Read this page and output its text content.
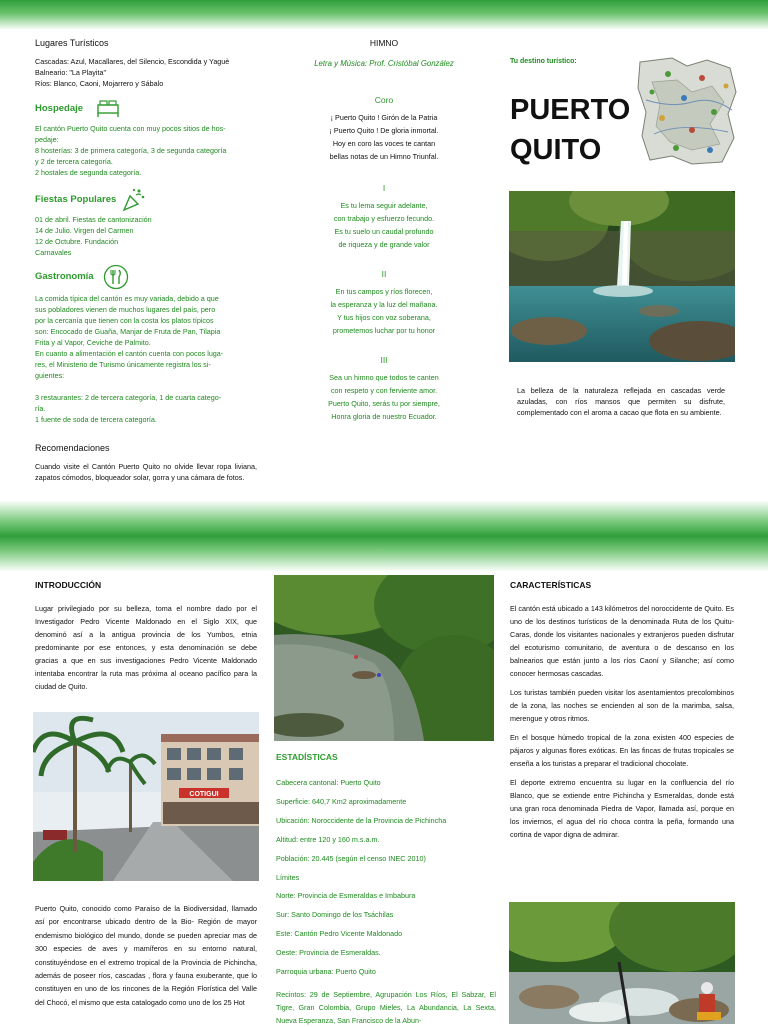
Lugares Turísticos
Cascadas: Azul, Macallares, del Silencio, Escondida y Yaguè
Balneario: "La Playita"
Ríos: Blanco, Caoni, Mojarrero y Sábalo
Hospedaje
El cantón Puerto Quito cuenta con muy pocos sitios de hos-
pedaje:
8 hosterías: 3 de primera categoría, 3 de segunda categoría
y 2 de tercera categoría.
2 hostales de segunda categoría.
Fiestas Populares
01 de abril. Fiestas de cantonización
14 de Julio. Virgen del Carmen
12 de Octubre. Fundación
Carnavales
Gastronomía
La comida típica del cantón es muy variada, debido a que
sus pobladores vienen de muchos lugares del país, pero
por la cercanía que tienen con la costa los platos típicos
son: Encocado de Guaña, Manjar de Fruta de Pan, Tilapia
Frita y al Vapor, Ceviche de Palmito.
En cuanto a alimentación el cantón cuenta con pocos luga-
res, el Ministerio de Turismo únicamente registra los si-
guientes:
3 restaurantes: 2 de tercera categoría, 1 de cuarta catego-
ría.
1 fuente de soda de tercera categoría.
Recomendaciones
Cuando visite el Cantón Puerto Quito no olvide llevar ropa liviana, zapatos cómodos, bloqueador solar, gorra y una cámara de fotos.
HIMNO
Letra y Música: Prof. Cristóbal González
Coro
¡ Puerto Quito ! Girón de la Patria
¡ Puerto Quito ! De gloria inmortal.
Hoy en coro las voces te cantan
bellas notas de un Himno Triunfal.
I
Es tu lema seguir adelante,
con trabajo y esfuerzo fecundo.
Es tu suelo un caudal profundo
de riqueza y de grande valor
II
En tus campos y ríos florecen,
la esperanza y la luz del mañana.
Y tus hijos con voz soberana,
prometemos luchar por tu honor
III
Sea un himno que todos te canten
con respeto y con ferviente amor.
Puerto Quito, serás tu por siempre,
Honra gloria de nuestro Ecuador.
Tu destino turístico:
PUERTO
QUITO
La belleza de la naturaleza reflejada en cascadas verde azuladas, con ríos mansos que permiten su disfrute, complementado con el aroma a cacao que flota en su ambiente.
INTRODUCCIÓN
Lugar privilegiado por su belleza, toma el nombre dado por el Investigador Pedro Vicente Maldonado en el Siglo XIX, que denominó así a la antigua provincia de los Yumbos, etnia predominante por ese entonces, y esta denominación se debe gracias a que en sus investigaciones Pedro Vicente Maldonado intentaba encontrar la ruta mas próxima al oceano pacífico para la ciudad de Quito.
COTIGUI
Puerto Quito, conocido como Paraíso de la Biodiversidad, llamado así por encontrarse ubicado dentro de la Bio- Región de mayor endemismo biológico del mundo, donde se pueden apreciar mas de 300 especies de aves y mamíferos en su entorno natural, constituyéndose en el extremo tropical de la Provincia de Pichincha, además de poseer ríos, cascadas , flora y fauna exuberante, que lo constituyen en uno de los rincones de la Región Florística del Valle del Chocó, el mismo que esta catalogado como uno de los 25 Hot
ESTADÍSTICAS
Cabecera cantonal: Puerto Quito
Superficie: 640,7 Km2 aproximadamente
Ubicación: Noroccidente de la Provincia de Pichincha
Altitud: entre 120 y 160 m.s.a.m.
Población: 20.445 (según el censo INEC 2010)
Límites
Norte: Provincia de Esmeraldas e Imbabura
Sur: Santo Domingo de los Tsáchilas
Este: Cantón Pedro Vicente Maldonado
Oeste: Provincia de Esmeraldas.
Parroquia urbana: Puerto Quito
Recintos: 29 de Septiembre, Agrupación Los Ríos, El Sabzar, El Tigre, Gran Colombia, Grupo Mieles, La Abundancia, La Sexta, Nueva Esperanza, San Francisco de la Abun-
CARACTERÍSTICAS
El cantón está ubicado a 143 kilómetros del noroccidente de Quito. Es uno de los destinos turísticos de la denominada Ruta de los Quitu-Caras, donde los visitantes nacionales y extranjeros pueden disfrutar del ecoturismo comunitario, de aventura o de descanso en los balnearios que están junto a los ríos Caoní y Silanche; así como conocer hermosas cascadas.
Los turistas también pueden visitar los asentamientos precolombinos de la zona, las noches se encienden al son de la marimba, salsa, merengue y otros ritmos.
En el bosque húmedo tropical de la zona existen 400 especies de pájaros y algunas flores exóticas. En las fincas de frutas tropicales se enseña a los turistas a preparar el tradicional chocolate.
El deporte extremo encuentra su lugar en la confluencia del río Blanco, que se extiende entre Pichincha y Esmeraldas, donde está una gran roca denominada Piedra de Vapor, llamada así, porque en los inviernos, el agua del río choca contra la peña, formando una cortina de vapor digna de admirar.
